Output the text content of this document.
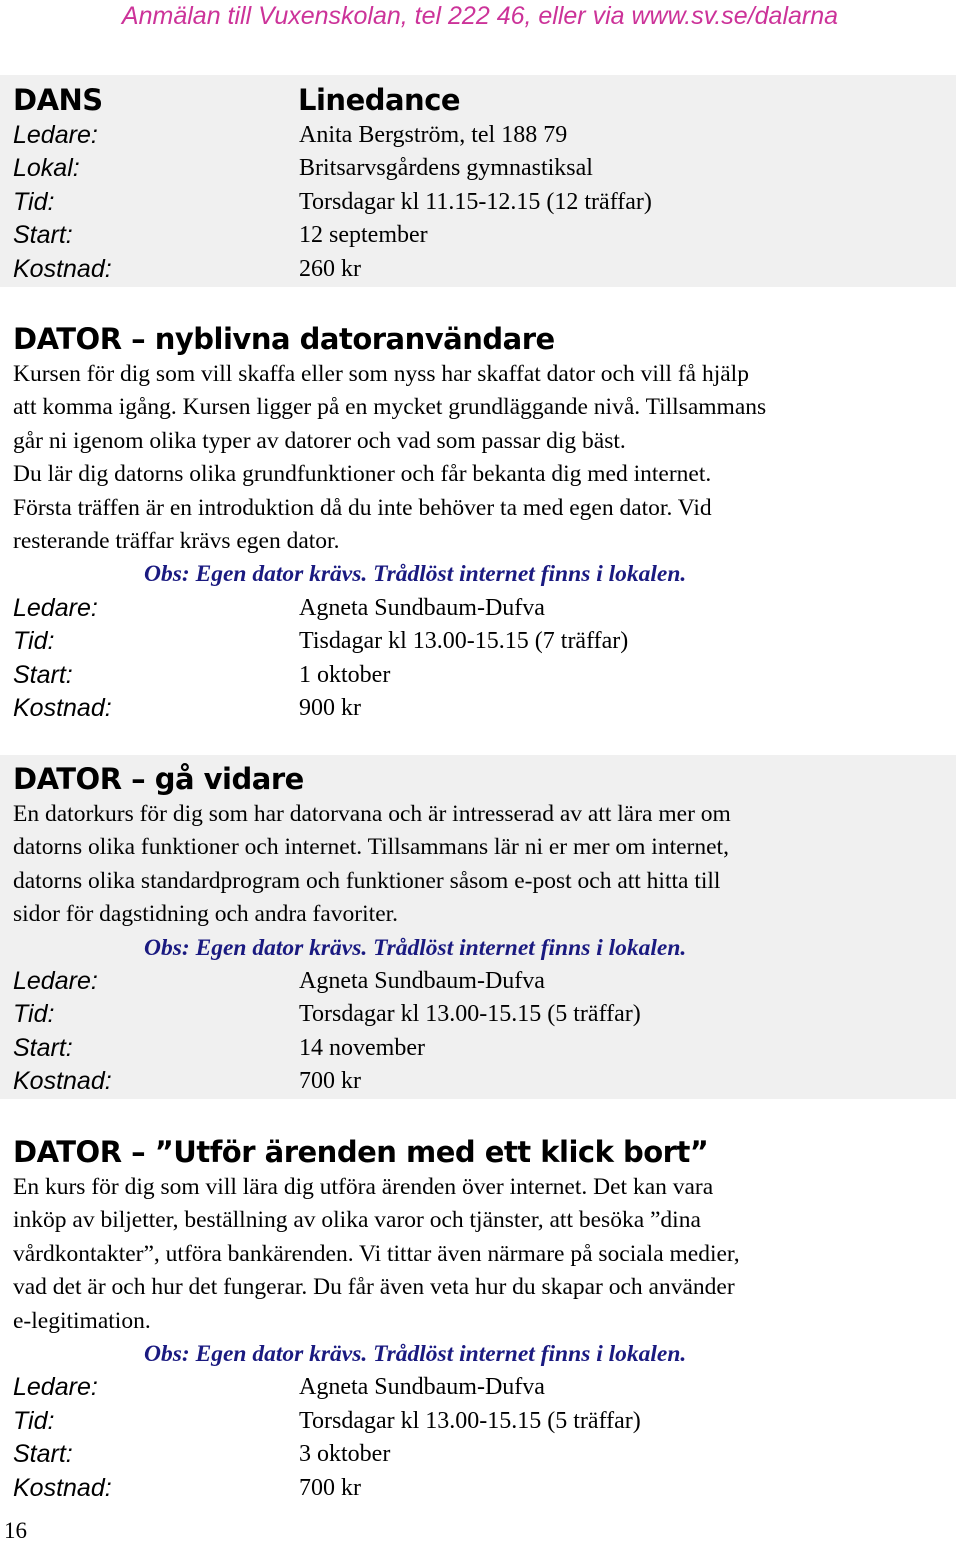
Anmälan till Vuxenskolan, tel 222 46, eller via www.sv.se/dalarna
DANS	Linedance
Ledare:	Anita Bergström, tel 188 79
Lokal:	Britsarvsgårdens gymnastiksal
Tid:	Torsdagar kl 11.15-12.15 (12 träffar)
Start:	12 september
Kostnad:	260 kr
DATOR – nyblivna datoranvändare

Kursen för dig som vill skaffa eller som nyss har skaffat dator och vill få hjälp

att komma igång. Kursen ligger på en mycket grundläggande nivå. Tillsammans

går ni igenom olika typer av datorer och vad som passar dig bäst.

Du lär dig datorns olika grundfunktioner och får bekanta dig med internet.

Första träffen är en introduktion då du inte behöver ta med egen dator. Vid

resterande träffar krävs egen dator.

Obs: Egen dator krävs. Trådlöst internet finns i lokalen.
Ledare:	Agneta Sundbaum-Dufva
Tid:	Tisdagar kl 13.00-15.15 (7 träffar)
Start:	1 oktober
Kostnad:	900 kr
DATOR – gå vidare

En datorkurs för dig som har datorvana och är intresserad av att lära mer om

datorns olika funktioner och internet. Tillsammans lär ni er mer om internet,

datorns olika standardprogram och funktioner såsom e-post och att hitta till

sidor för dagstidning och andra favoriter.

Obs: Egen dator krävs. Trådlöst internet finns i lokalen.
Ledare:	Agneta Sundbaum-Dufva
Tid:	Torsdagar kl 13.00-15.15 (5 träffar)
Start:	14 november
Kostnad:	700 kr
DATOR – ”Utför ärenden med ett klick bort”

En kurs för dig som vill lära dig utföra ärenden över internet. Det kan vara

inköp av biljetter, beställning av olika varor och tjänster, att besöka ”dina

vårdkontakter”, utföra bankärenden. Vi tittar även närmare på sociala medier,

vad det är och hur det fungerar. Du får även veta hur du skapar och använder

e-legitimation.

Obs: Egen dator krävs. Trådlöst internet finns i lokalen.
Ledare:	Agneta Sundbaum-Dufva
Tid:	Torsdagar kl 13.00-15.15 (5 träffar)
Start:	3 oktober
Kostnad:	700 kr
16
